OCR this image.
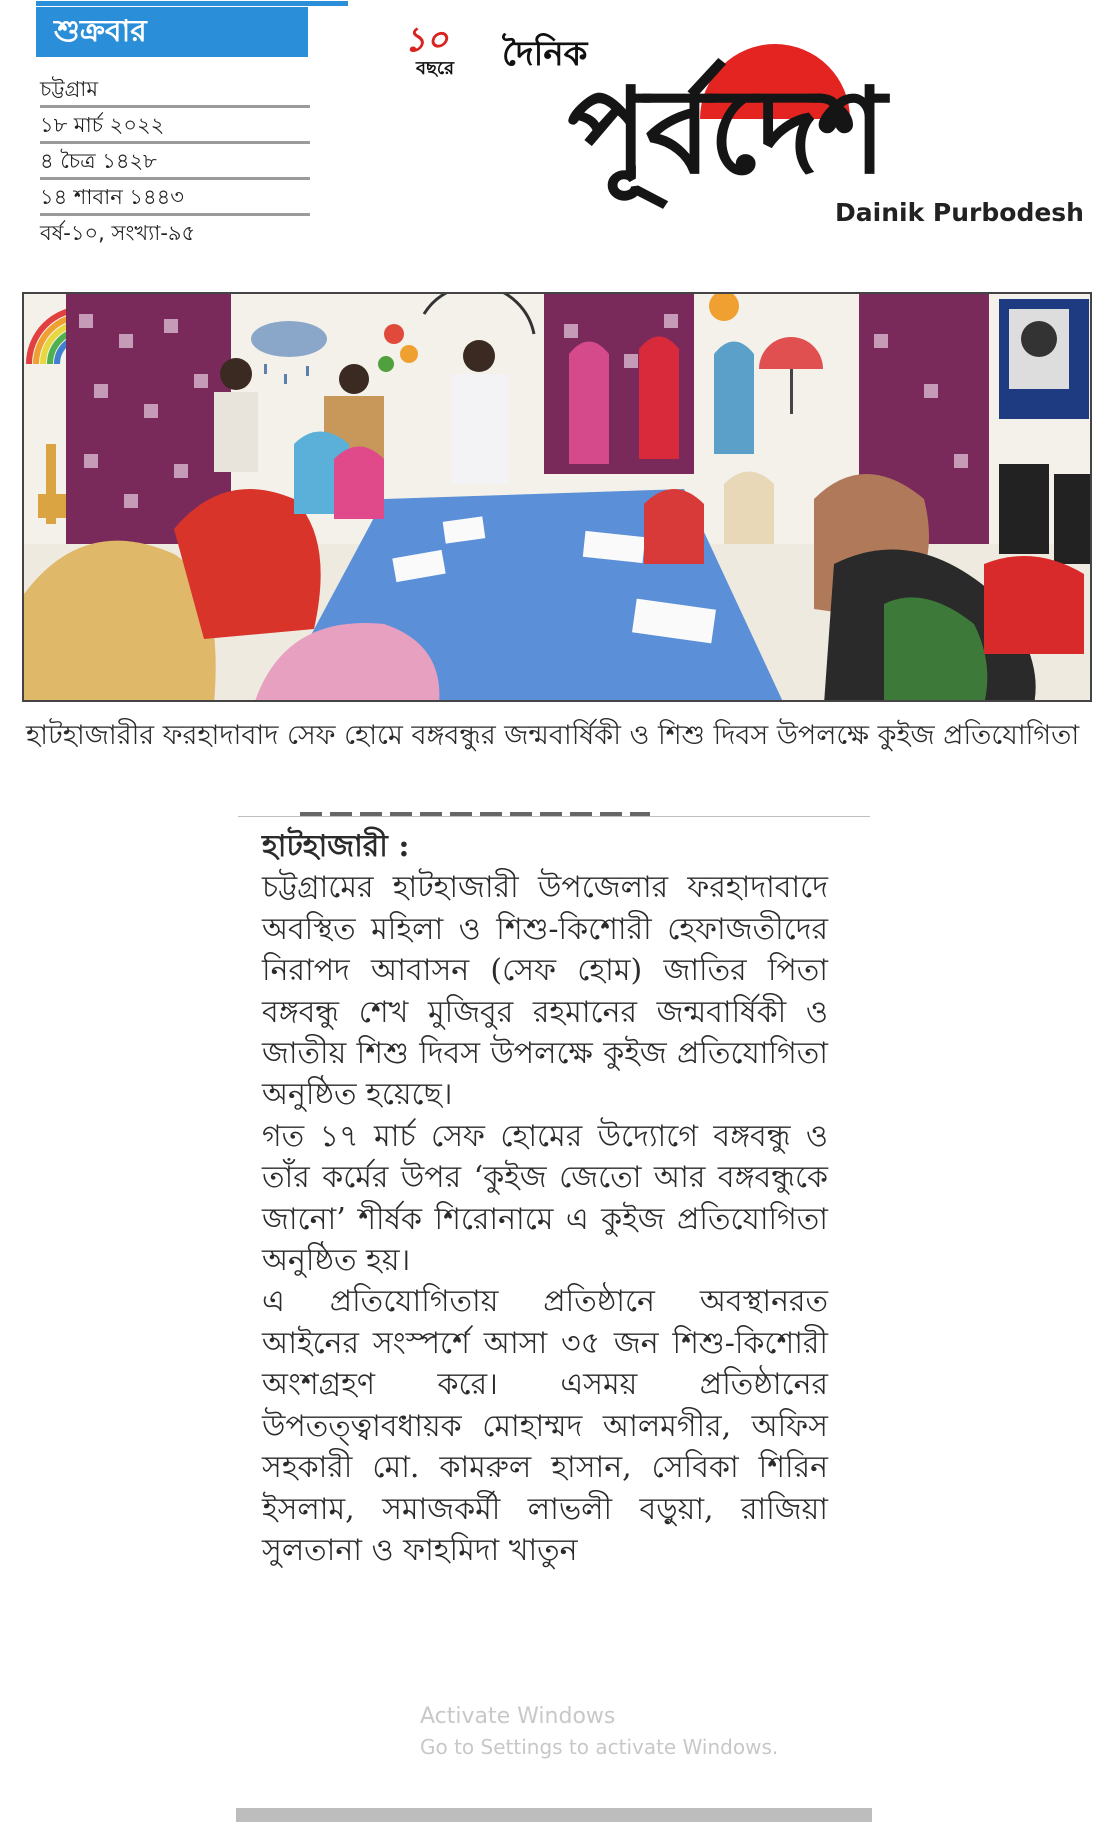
শুক্রবার
চট্টগ্রাম
১৮ মার্চ ২০২২
৪ চৈত্র ১৪২৮
১৪ শাবান ১৪৪৩
বর্ষ-১০, সংখ্যা-৯৫
১০
বছরে দৈনিক
পূর্বদেশ
Dainik Purbodesh
হাটহাজারীর ফরহাদাবাদ সেফ হোমে বঙ্গবন্ধুর জন্মবার্ষিকী ও শিশু দিবস উপলক্ষে কুইজ প্রতিযোগিতা
হাটহাজারী :

চট্টগ্রামের হাটহাজারী উপজেলার ফরহাদাবাদে অবস্থিত মহিলা ও শিশু-কিশোরী হেফাজতীদের নিরাপদ আবাসন (সেফ হোম) জাতির পিতা বঙ্গবন্ধু শেখ মুজিবুর রহমানের জন্মবার্ষিকী ও জাতীয় শিশু দিবস উপলক্ষে কুইজ প্রতিযোগিতা অনুষ্ঠিত হয়েছে।

গত ১৭ মার্চ সেফ হোমের উদ্যোগে বঙ্গবন্ধু ও তাঁর কর্মের উপর ‘কুইজ জেতো আর বঙ্গবন্ধুকে জানো’ শীর্ষক শিরোনামে এ কুইজ প্রতিযোগিতা অনুষ্ঠিত হয়।

এ প্রতিযোগিতায় প্রতিষ্ঠানে অবস্থানরত আইনের সংস্পর্শে আসা ৩৫ জন শিশু-কিশোরী অংশগ্রহণ করে। এসময় প্রতিষ্ঠানের উপতত্ত্বাবধায়ক মোহাম্মদ আলমগীর, অফিস সহকারী মো. কামরুল হাসান, সেবিকা শিরিন ইসলাম, সমাজকর্মী লাভলী বড়ুয়া, রাজিয়া সুলতানা ও ফাহমিদা খাতুন

Activate Windows
Go to Settings to activate Windows.
